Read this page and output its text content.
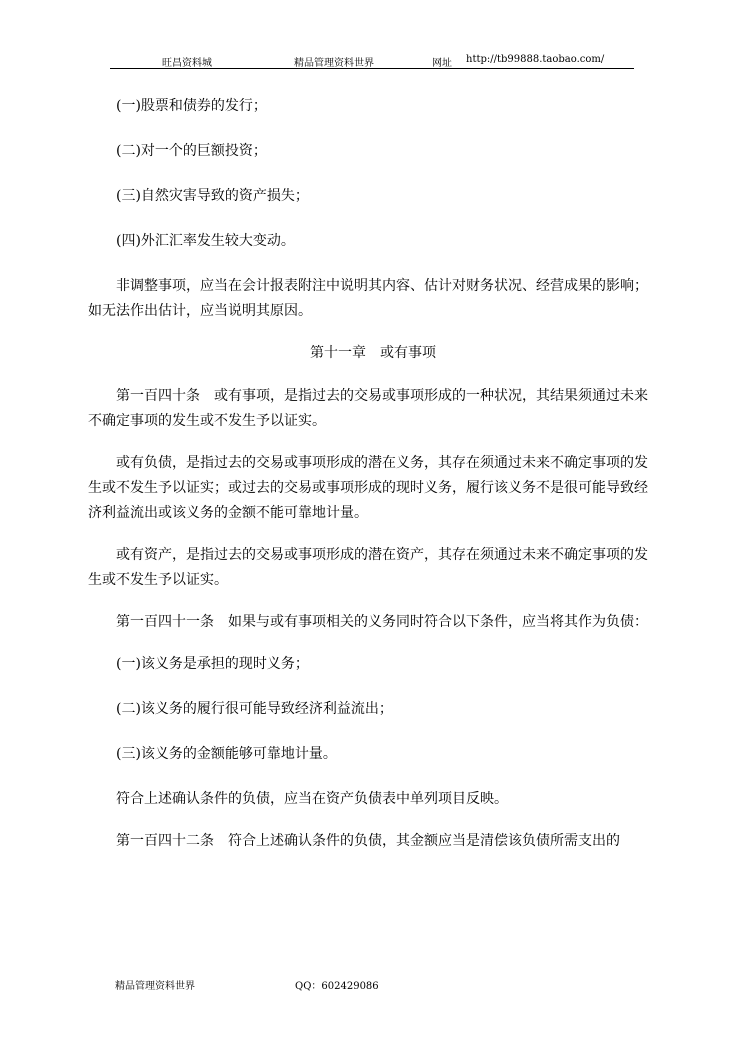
旺昌资料城	精品管理资料世界	网址 http://tb99888.taobao.com/

(一)股票和债券的发行；

(二)对一个的巨额投资；

(三)自然灾害导致的资产损失；

(四)外汇汇率发生较大变动。

非调整事项，应当在会计报表附注中说明其内容、估计对财务状况、经营成果的影响；如无法作出估计，应当说明其原因。

第十一章　或有事项

第一百四十条　或有事项，是指过去的交易或事项形成的一种状况，其结果须通过未来不确定事项的发生或不发生予以证实。

或有负债，是指过去的交易或事项形成的潜在义务，其存在须通过未来不确定事项的发生或不发生予以证实；或过去的交易或事项形成的现时义务，履行该义务不是很可能导致经济利益流出或该义务的金额不能可靠地计量。

或有资产，是指过去的交易或事项形成的潜在资产，其存在须通过未来不确定事项的发生或不发生予以证实。

第一百四十一条　如果与或有事项相关的义务同时符合以下条件，应当将其作为负债：

(一)该义务是承担的现时义务；

(二)该义务的履行很可能导致经济利益流出；

(三)该义务的金额能够可靠地计量。

符合上述确认条件的负债，应当在资产负债表中单列项目反映。

第一百四十二条　符合上述确认条件的负债，其金额应当是清偿该负债所需支出的

精品管理资料世界	QQ：602429086
